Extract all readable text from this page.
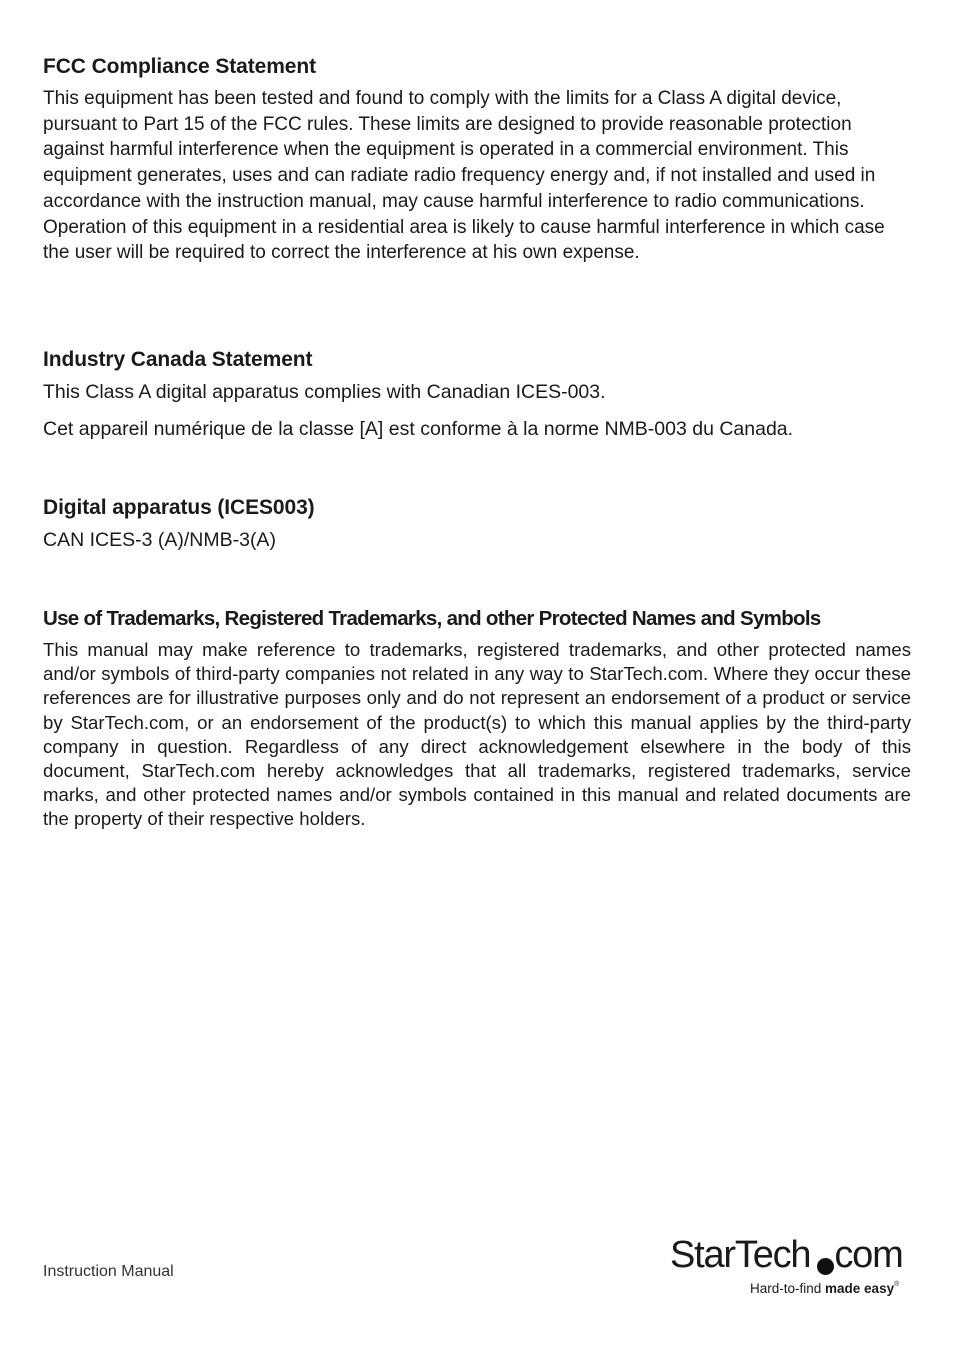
FCC Compliance Statement

This equipment has been tested and found to comply with the limits for a Class A digital device, pursuant to Part 15 of the FCC rules. These limits are designed to provide reasonable protection against harmful interference when the equipment is operated in a commercial environment. This equipment generates, uses and can radiate radio frequency energy and, if not installed and used in accordance with the instruction manual, may cause harmful interference to radio communications. Operation of this equipment in a residential area is likely to cause harmful interference in which case the user will be required to correct the interference at his own expense.

Industry Canada Statement

This Class A digital apparatus complies with Canadian ICES-003.

Cet appareil numérique de la classe [A] est conforme à la norme NMB-003 du Canada.

Digital apparatus (ICES003)

CAN ICES-3 (A)/NMB-3(A)

Use of Trademarks, Registered Trademarks, and other Protected Names and Symbols

This manual may make reference to trademarks, registered trademarks, and other protected names and/or symbols of third-party companies not related in any way to StarTech.com. Where they occur these references are for illustrative purposes only and do not represent an endorsement of a product or service by StarTech.com, or an endorsement of the product(s) to which this manual applies by the third-party company in question. Regardless of any direct acknowledgement elsewhere in the body of this document, StarTech.com hereby acknowledges that all trademarks, registered trademarks, service marks, and other protected names and/or symbols contained in this manual and related documents are the property of their respective holders.

Instruction Manual	StarTech com
Hard-to-find made easy®
